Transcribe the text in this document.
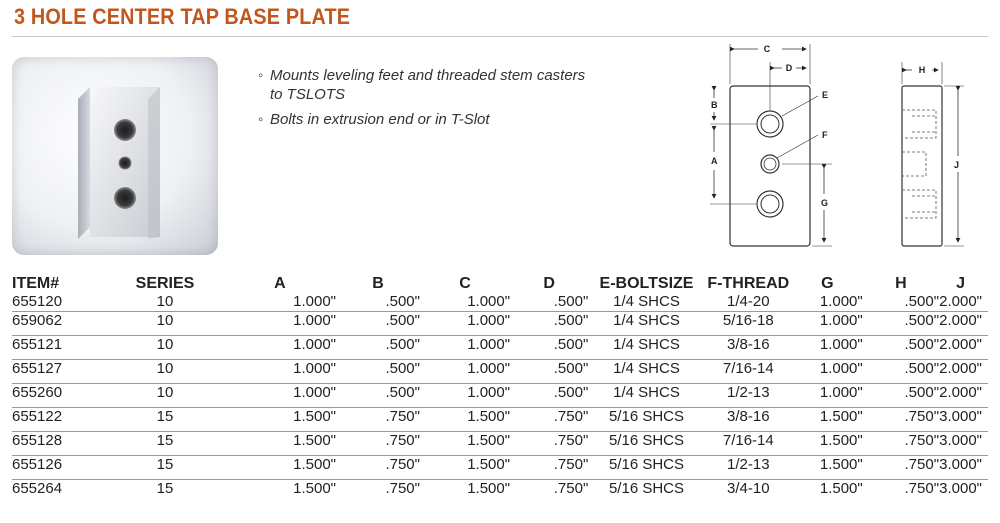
3 HOLE CENTER TAP BASE PLATE
◦ Mounts leveling feet and threaded stem casters to TSLOTS
◦ Bolts in extrusion end or in T-Slot
C
D
B
A
E
F
G
H
J
ITEM#	SERIES	A	B	C	D	E-BOLTSIZE	F-THREAD	G	H	J
655120	10	1.000"	.500"	1.000"	.500"	1/4 SHCS	1/4-20	1.000"	.500"	2.000"
659062	10	1.000"	.500"	1.000"	.500"	1/4 SHCS	5/16-18	1.000"	.500"	2.000"
655121	10	1.000"	.500"	1.000"	.500"	1/4 SHCS	3/8-16	1.000"	.500"	2.000"
655127	10	1.000"	.500"	1.000"	.500"	1/4 SHCS	7/16-14	1.000"	.500"	2.000"
655260	10	1.000"	.500"	1.000"	.500"	1/4 SHCS	1/2-13	1.000"	.500"	2.000"
655122	15	1.500"	.750"	1.500"	.750"	5/16 SHCS	3/8-16	1.500"	.750"	3.000"
655128	15	1.500"	.750"	1.500"	.750"	5/16 SHCS	7/16-14	1.500"	.750"	3.000"
655126	15	1.500"	.750"	1.500"	.750"	5/16 SHCS	1/2-13	1.500"	.750"	3.000"
655264	15	1.500"	.750"	1.500"	.750"	5/16 SHCS	3/4-10	1.500"	.750"	3.000"
